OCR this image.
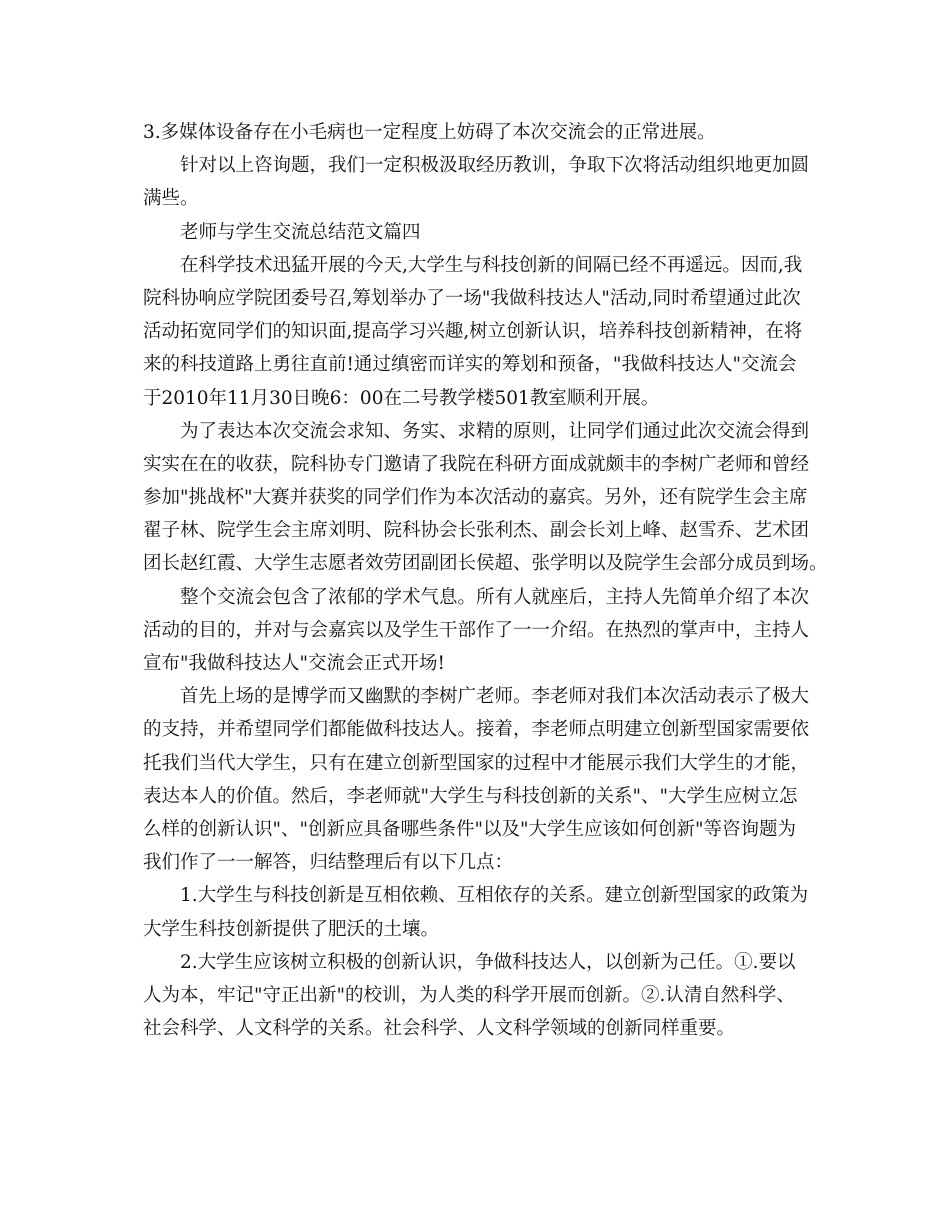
3.多媒体设备存在小毛病也一定程度上妨碍了本次交流会的正常进展。
针对以上咨询题，我们一定积极汲取经历教训，争取下次将活动组织地更加圆
满些。
老师与学生交流总结范文篇四
在科学技术迅猛开展的今天,大学生与科技创新的间隔已经不再遥远。因而,我
院科协响应学院团委号召,筹划举办了一场"我做科技达人"活动,同时希望通过此次
活动拓宽同学们的知识面,提高学习兴趣,树立创新认识，培养科技创新精神，在将
来的科技道路上勇往直前!通过缜密而详实的筹划和预备，"我做科技达人"交流会
于2010年11月30日晚6：00在二号教学楼501教室顺利开展。
为了表达本次交流会求知、务实、求精的原则，让同学们通过此次交流会得到
实实在在的收获，院科协专门邀请了我院在科研方面成就颇丰的李树广老师和曾经
参加"挑战杯"大赛并获奖的同学们作为本次活动的嘉宾。另外，还有院学生会主席
翟子林、院学生会主席刘明、院科协会长张利杰、副会长刘上峰、赵雪乔、艺术团
团长赵红霞、大学生志愿者效劳团副团长侯超、张学明以及院学生会部分成员到场。
整个交流会包含了浓郁的学术气息。所有人就座后，主持人先简单介绍了本次
活动的目的，并对与会嘉宾以及学生干部作了一一介绍。在热烈的掌声中，主持人
宣布"我做科技达人"交流会正式开场!
首先上场的是博学而又幽默的李树广老师。李老师对我们本次活动表示了极大
的支持，并希望同学们都能做科技达人。接着，李老师点明建立创新型国家需要依
托我们当代大学生，只有在建立创新型国家的过程中才能展示我们大学生的才能，
表达本人的价值。然后，李老师就"大学生与科技创新的关系"、"大学生应树立怎
么样的创新认识"、"创新应具备哪些条件"以及"大学生应该如何创新"等咨询题为
我们作了一一解答，归结整理后有以下几点：
1.大学生与科技创新是互相依赖、互相依存的关系。建立创新型国家的政策为
大学生科技创新提供了肥沃的土壤。
2.大学生应该树立积极的创新认识，争做科技达人，以创新为己任。①.要以
人为本，牢记"守正出新"的校训，为人类的科学开展而创新。②.认清自然科学、
社会科学、人文科学的关系。社会科学、人文科学领域的创新同样重要。
